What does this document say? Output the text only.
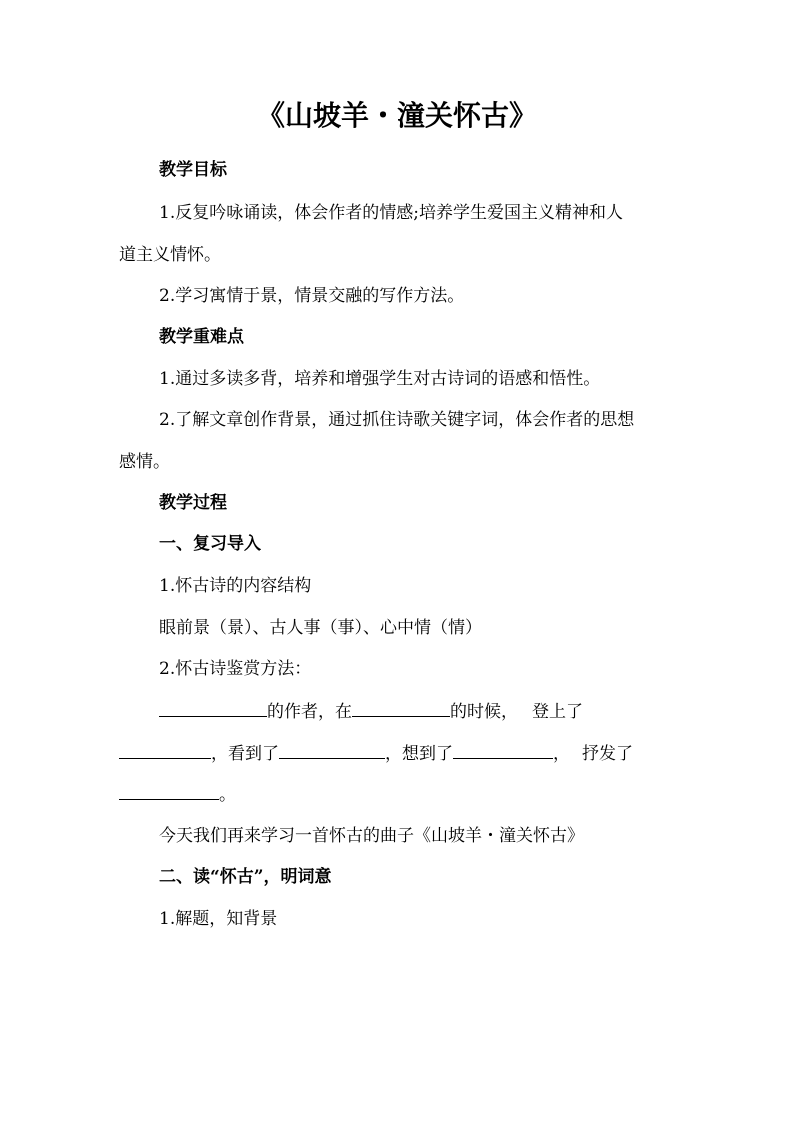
《山坡羊・潼关怀古》
教学目标
1.反复吟咏诵读，体会作者的情感;培养学生爱国主义精神和人
道主义情怀。
2.学习寓情于景，情景交融的写作方法。
教学重难点
1.通过多读多背，培养和增强学生对古诗词的语感和悟性。
2.了解文章创作背景，通过抓住诗歌关键字词，体会作者的思想
感情。
教学过程
一、复习导入
1.怀古诗的内容结构
眼前景（景）、古人事（事）、心中情（情）
2.怀古诗鉴赏方法：
的作者，在	的时候， 登上了
，看到了	，想到了	， 抒发了
。
今天我们再来学习一首怀古的曲子《山坡羊・潼关怀古》
二、读“怀古”，明词意
1.解题，知背景
